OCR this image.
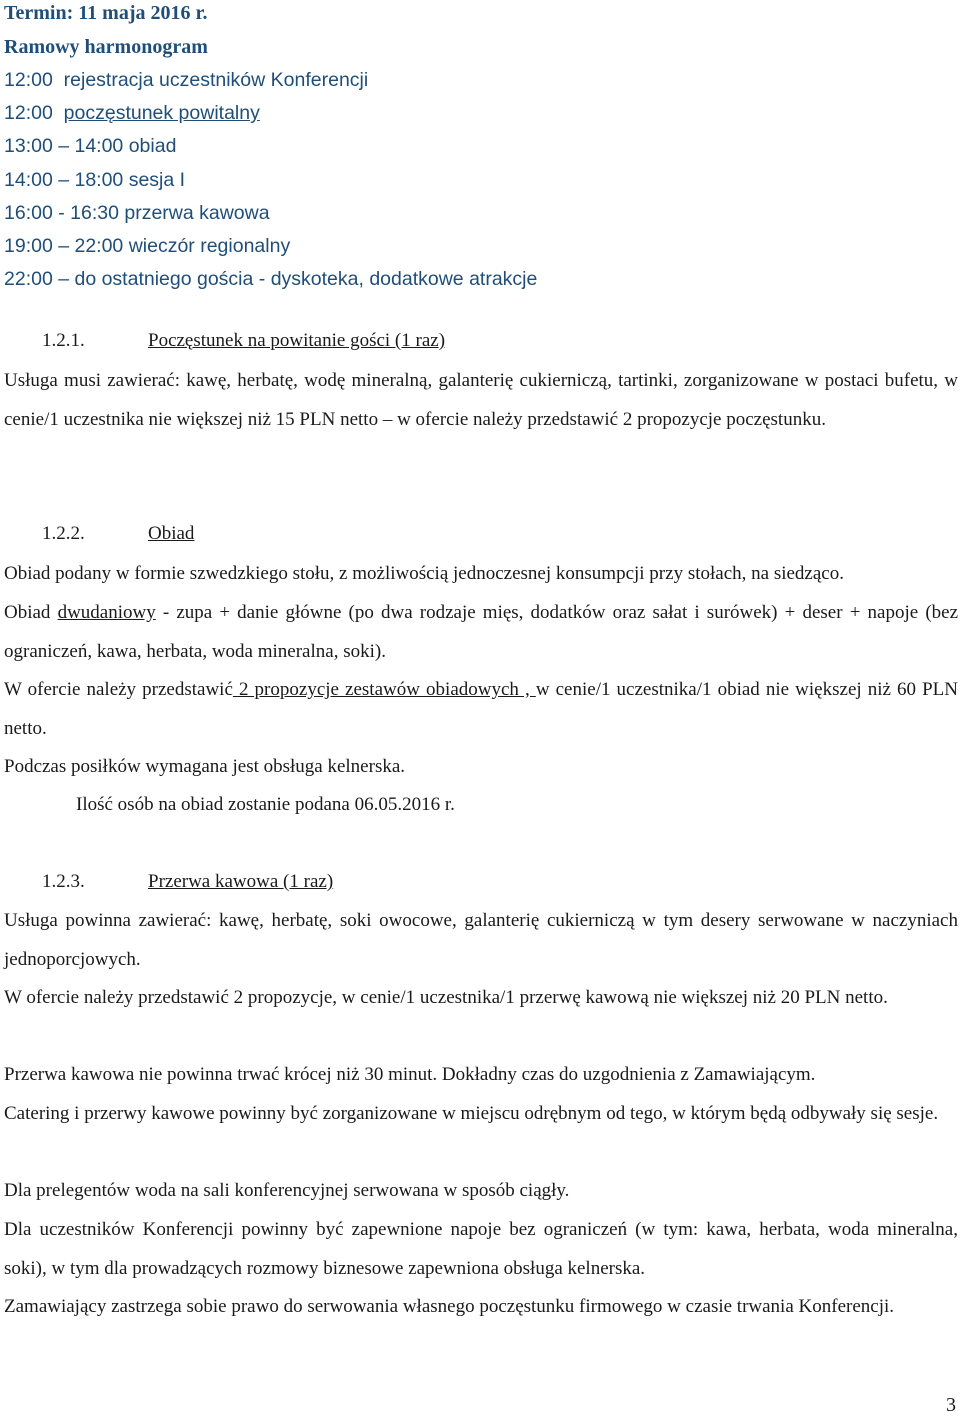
Termin: 11 maja 2016 r.
Ramowy harmonogram
12:00 rejestracja uczestników Konferencji
12:00 poczęstunek powitalny
13:00 – 14:00 obiad
14:00 – 18:00 sesja I
16:00 - 16:30 przerwa kawowa
19:00 – 22:00 wieczór regionalny
22:00 – do ostatniego gościa - dyskoteka, dodatkowe atrakcje
1.2.1.	Poczęstunek na powitanie gości (1 raz)
Usługa musi zawierać: kawę, herbatę, wodę mineralną, galanterię cukierniczą, tartinki, zorganizowane w postaci bufetu, w cenie/1 uczestnika nie większej niż 15 PLN netto – w ofercie należy przedstawić 2 propozycje poczęstunku.
1.2.2.	Obiad
Obiad podany w formie szwedzkiego stołu, z możliwością jednoczesnej konsumpcji przy stołach, na siedząco.
Obiad dwudaniowy - zupa + danie główne (po dwa rodzaje mięs, dodatków oraz sałat i surówek) + deser + napoje (bez ograniczeń, kawa, herbata, woda mineralna, soki).
W ofercie należy przedstawić 2 propozycje zestawów obiadowych , w cenie/1 uczestnika/1 obiad nie większej niż 60 PLN netto.
Podczas posiłków wymagana jest obsługa kelnerska.
Ilość osób na obiad zostanie podana 06.05.2016 r.
1.2.3.	Przerwa kawowa (1 raz)
Usługa powinna zawierać: kawę, herbatę, soki owocowe, galanterię cukierniczą w tym desery serwowane w naczyniach jednoporcjowych.
W ofercie należy przedstawić 2 propozycje, w cenie/1 uczestnika/1 przerwę kawową nie większej niż 20 PLN netto.
Przerwa kawowa nie powinna trwać krócej niż 30 minut. Dokładny czas do uzgodnienia z Zamawiającym.
Catering i przerwy kawowe powinny być zorganizowane w miejscu odrębnym od tego, w którym będą odbywały się sesje.
Dla prelegentów woda na sali konferencyjnej serwowana w sposób ciągły.
Dla uczestników Konferencji powinny być zapewnione napoje bez ograniczeń (w tym: kawa, herbata, woda mineralna, soki), w tym dla prowadzących rozmowy biznesowe zapewniona obsługa kelnerska.
Zamawiający zastrzega sobie prawo do serwowania własnego poczęstunku firmowego w czasie trwania Konferencji.
3
